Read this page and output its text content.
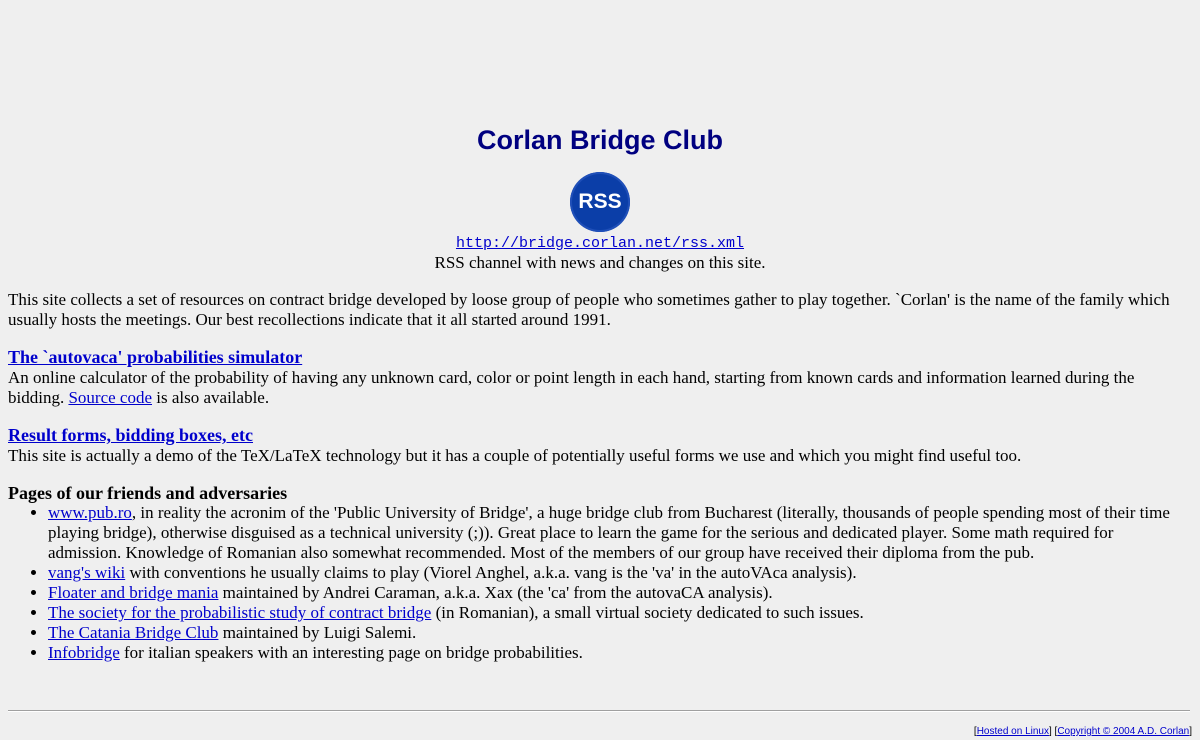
Corlan Bridge Club
RSS
http://bridge.corlan.net/rss.xml
RSS channel with news and changes on this site.

This site collects a set of resources on contract bridge developed by loose group of people who sometimes gather to play together. `Corlan' is the name of the family which usually hosts the meetings. Our best recollections indicate that it all started around 1991.

The `autovaca' probabilities simulator

An online calculator of the probability of having any unknown card, color or point length in each hand, starting from known cards and information learned during the bidding. Source code is also available.

Result forms, bidding boxes, etc

This site is actually a demo of the TeX/LaTeX technology but it has a couple of potentially useful forms we use and which you might find useful too.

Pages of our friends and adversaries

• www.pub.ro, in reality the acronim of the 'Public University of Bridge', a huge bridge club from Bucharest (literally, thousands of people spending most of their time playing bridge), otherwise disguised as a technical university (;)). Great place to learn the game for the serious and dedicated player. Some math required for admission. Knowledge of Romanian also somewhat recommended. Most of the members of our group have received their diploma from the pub.
• vang's wiki with conventions he usually claims to play (Viorel Anghel, a.k.a. vang is the 'va' in the autoVAca analysis).
• Floater and bridge mania maintained by Andrei Caraman, a.k.a. Xax (the 'ca' from the autovaCA analysis).
• The society for the probabilistic study of contract bridge (in Romanian), a small virtual society dedicated to such issues.
• The Catania Bridge Club maintained by Luigi Salemi.
• Infobridge for italian speakers with an interesting page on bridge probabilities.
[Hosted on Linux] [Copyright © 2004 A.D. Corlan]
